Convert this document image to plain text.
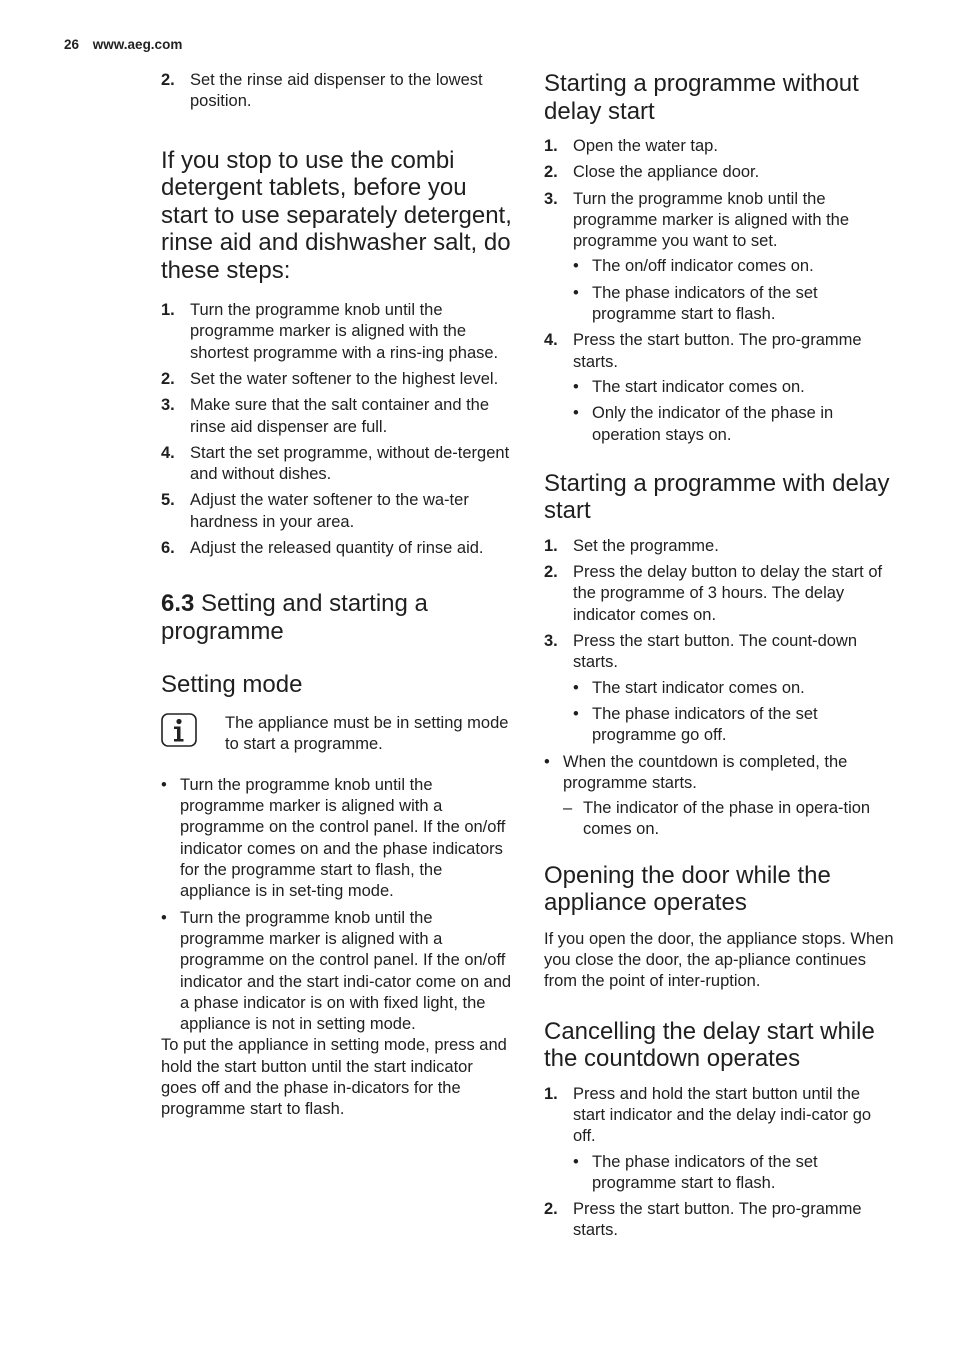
26 www.aeg.com
2. Set the rinse aid dispenser to the lowest position.
If you stop to use the combi detergent tablets, before you start to use separately detergent, rinse aid and dishwasher salt, do these steps:
1. Turn the programme knob until the programme marker is aligned with the shortest programme with a rins-ing phase.
2. Set the water softener to the highest level.
3. Make sure that the salt container and the rinse aid dispenser are full.
4. Start the set programme, without de-tergent and without dishes.
5. Adjust the water softener to the wa-ter hardness in your area.
6. Adjust the released quantity of rinse aid.
6.3 Setting and starting a programme
Setting mode

The appliance must be in setting mode to start a programme.

• Turn the programme knob until the programme marker is aligned with a programme on the control panel. If the on/off indicator comes on and the phase indicators for the programme start to flash, the appliance is in set-ting mode.
• Turn the programme knob until the programme marker is aligned with a programme on the control panel. If the on/off indicator and the start indi-cator come on and a phase indicator is on with fixed light, the appliance is not in setting mode.

To put the appliance in setting mode, press and hold the start button until the start indicator goes off and the phase in-dicators for the programme start to flash.

Starting a programme without delay start
1. Open the water tap.
2. Close the appliance door.
3. Turn the programme knob until the programme marker is aligned with the programme you want to set.
• The on/off indicator comes on.
• The phase indicators of the set programme start to flash.
4. Press the start button. The pro-gramme starts.
• The start indicator comes on.
• Only the indicator of the phase in operation stays on.
Starting a programme with delay start
1. Set the programme.
2. Press the delay button to delay the start of the programme of 3 hours. The delay indicator comes on.
3. Press the start button. The count-down starts.
• The start indicator comes on.
• The phase indicators of the set programme go off.
• When the countdown is completed, the programme starts.
– The indicator of the phase in opera-tion comes on.
Opening the door while the appliance operates

If you open the door, the appliance stops. When you close the door, the ap-pliance continues from the point of inter-ruption.

Cancelling the delay start while the countdown operates
1. Press and hold the start button until the start indicator and the delay indi-cator go off.
• The phase indicators of the set programme start to flash.
2. Press the start button. The pro-gramme starts.
